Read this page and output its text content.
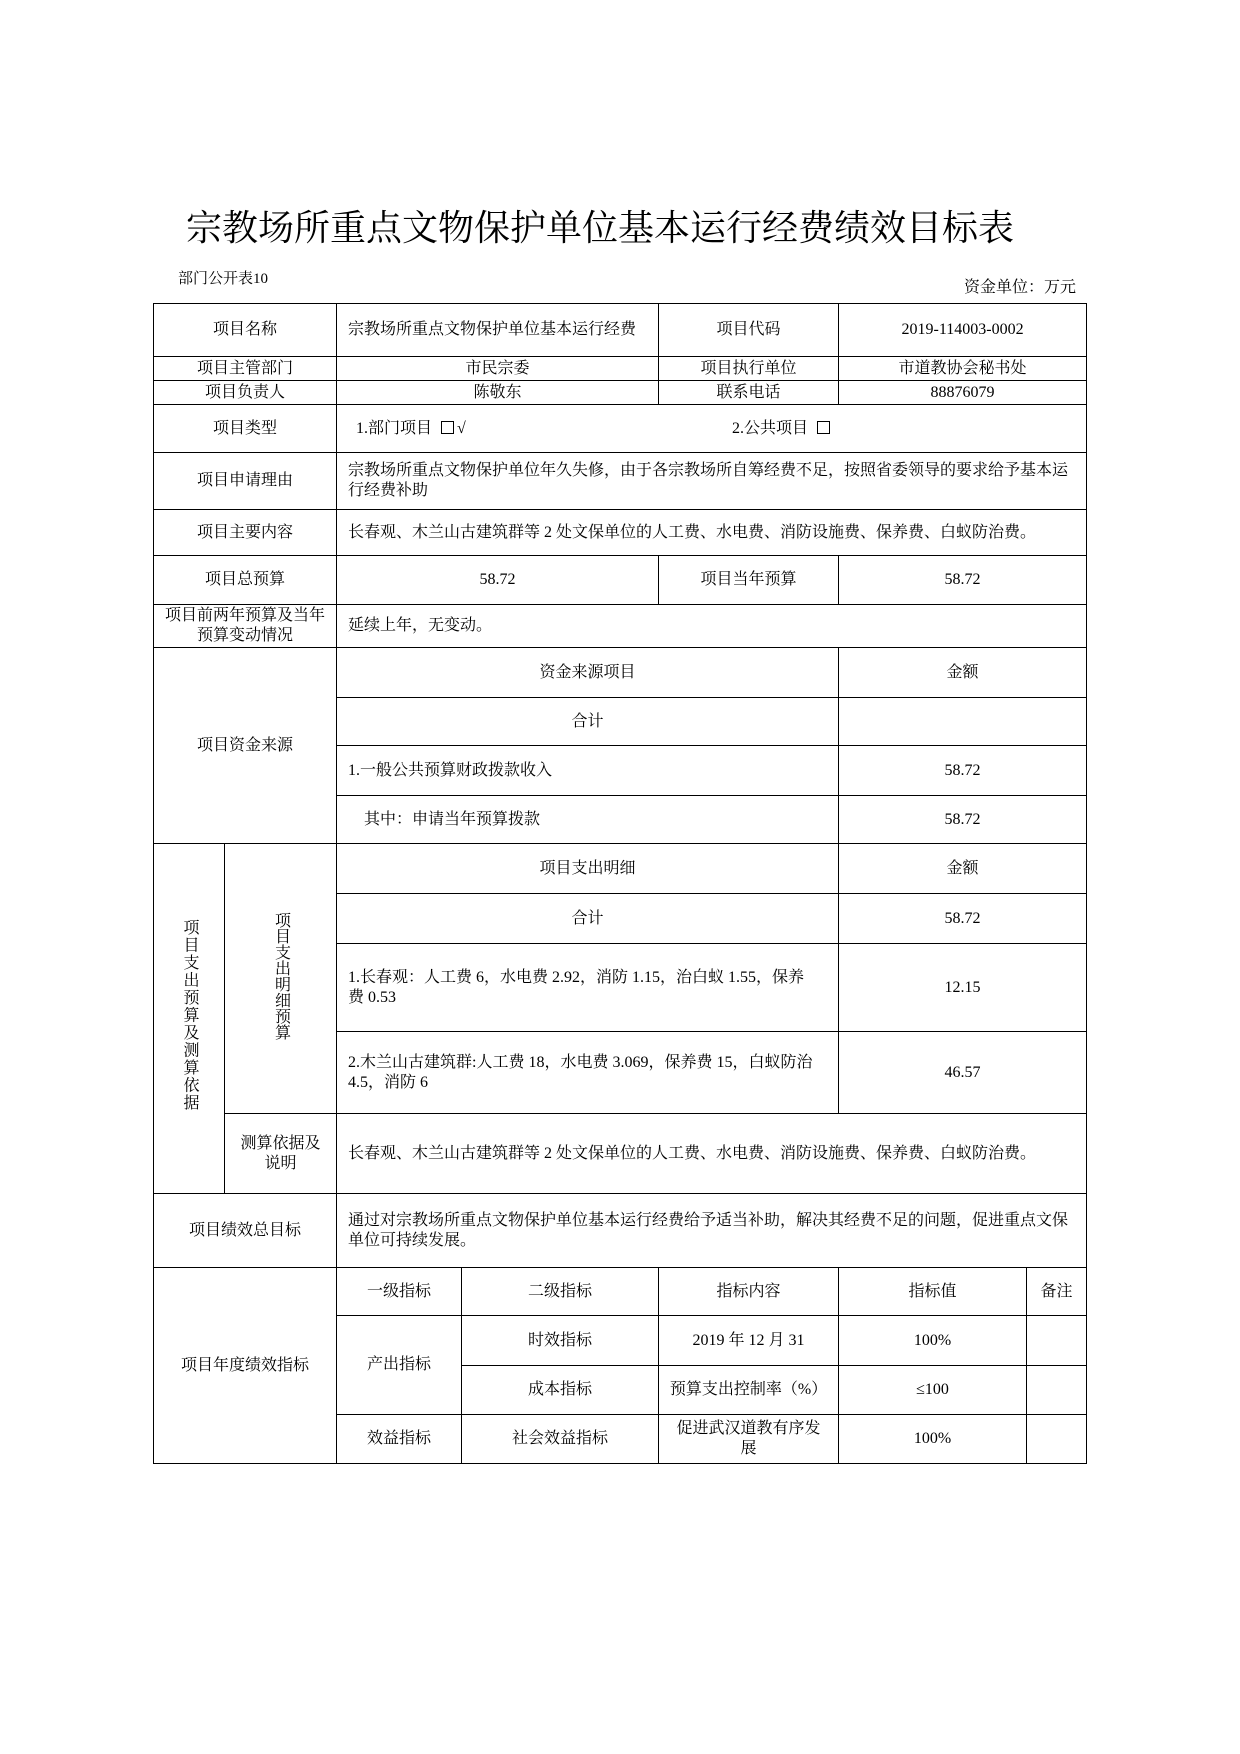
宗教场所重点文物保护单位基本运行经费绩效目标表
部门公开表10	资金单位：万元
项目名称		宗教场所重点文物保护单位基本运行经费		项目代码	2019-114003-0002	
项目主管部门		市民宗委		项目执行单位	市道教协会秘书处	
项目负责人		陈敬东		联系电话	88876079	
项目类型		1.部门项目 √ 2.公共项目				

项目申请理由		宗教场所重点文物保护单位年久失修，由于各宗教场所自筹经费不足，按照省委领导的要求给予基本运行经费补助				
项目主要内容		长春观、木兰山古建筑群等 2 处文保单位的人工费、水电费、消防设施费、保养费、白蚁防治费。				
项目总预算		58.72		项目当年预算	58.72	
项目前两年预算及当年预算变动情况		延续上年，无变动。				
项目资金来源		资金来源项目			金额	
		合计				
		1.一般公共预算财政拨款收入			58.72	
		其中：申请当年预算拨款			58.72	
项目支出预算及测算依据	项目支出明细预算	项目支出明细			金额	
		合计			58.72	
		1.长春观：人工费 6，水电费 2.92，消防 1.15，治白蚁 1.55，保养费 0.53			12.15	
		2.木兰山古建筑群:人工费 18，水电费 3.069，保养费 15，白蚁防治 4.5，消防 6			46.57	
	测算依据及说明	长春观、木兰山古建筑群等 2 处文保单位的人工费、水电费、消防设施费、保养费、白蚁防治费。				
项目绩效总目标		通过对宗教场所重点文物保护单位基本运行经费给予适当补助，解决其经费不足的问题，促进重点文保单位可持续发展。				
项目年度绩效指标		一级指标	二级指标	指标内容	指标值	备注
		产出指标	时效指标	2019 年 12 月 31	100%	
			成本指标	预算支出控制率（%）	≤100	
		效益指标	社会效益指标	促进武汉道教有序发展	100%	
